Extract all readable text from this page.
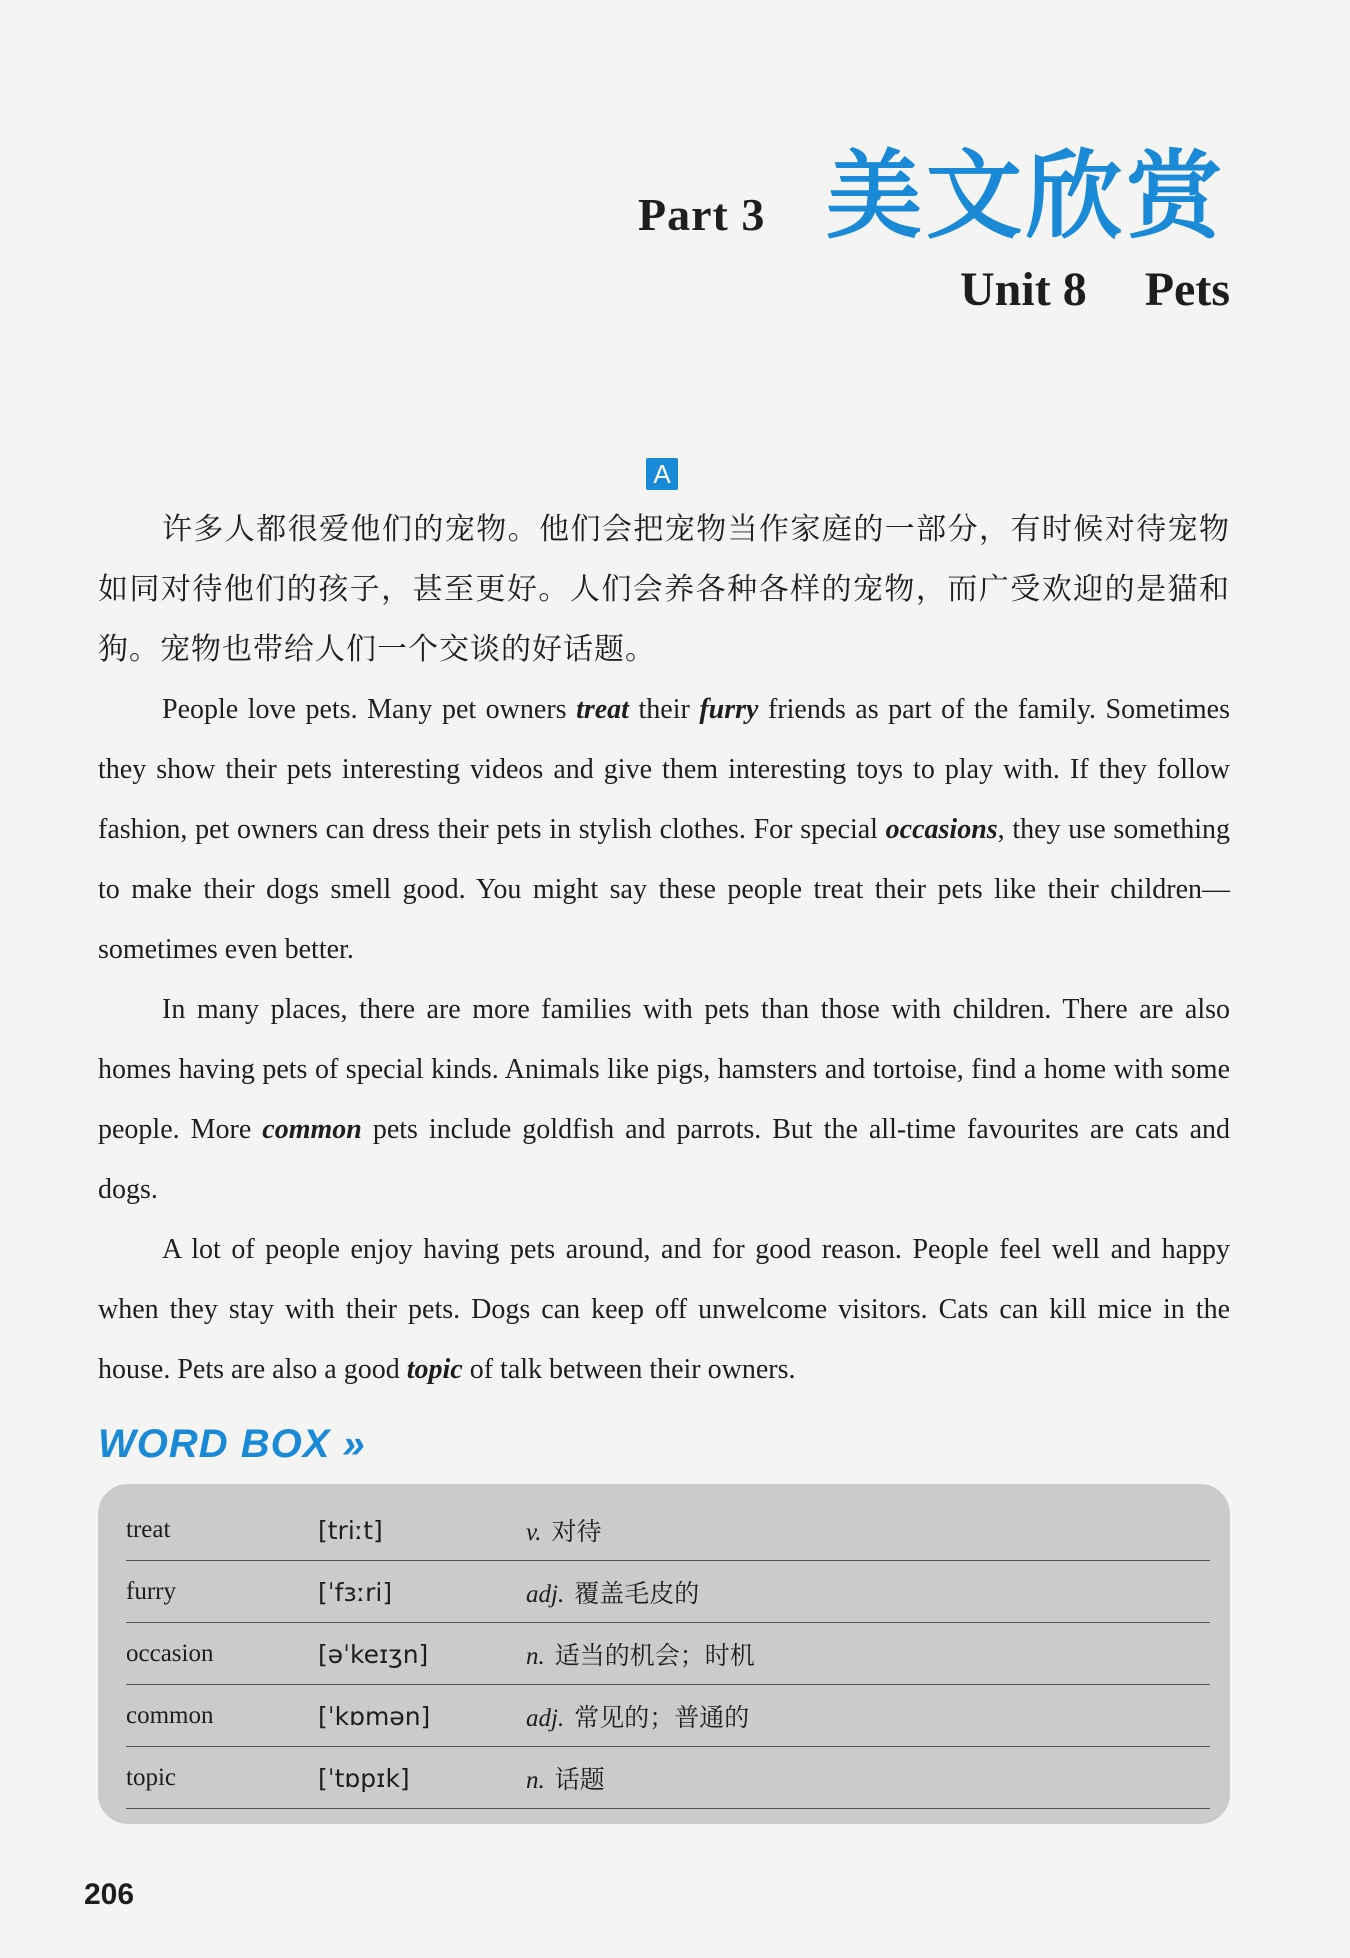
Part 3 美文欣赏
Unit 8 Pets
A

许多人都很爱他们的宠物。他们会把宠物当作家庭的一部分，有时候对待宠物如同对待他们的孩子，甚至更好。人们会养各种各样的宠物，而广受欢迎的是猫和狗。宠物也带给人们一个交谈的好话题。

People love pets. Many pet owners treat their furry friends as part of the family. Sometimes they show their pets interesting videos and give them interesting toys to play with. If they follow fashion, pet owners can dress their pets in stylish clothes. For special occasions, they use something to make their dogs smell good. You might say these people treat their pets like their children—sometimes even better.

In many places, there are more families with pets than those with children. There are also homes having pets of special kinds. Animals like pigs, hamsters and tortoise, find a home with some people. More common pets include goldfish and parrots. But the all-time favourites are cats and dogs.

A lot of people enjoy having pets around, and for good reason. People feel well and happy when they stay with their pets. Dogs can keep off unwelcome visitors. Cats can kill mice in the house. Pets are also a good topic of talk between their owners.

WORD BOX »
treat	[triːt]	v. 对待
furry	[ˈfɜːri]	adj. 覆盖毛皮的
occasion	[əˈkeɪʒn]	n. 适当的机会；时机
common	[ˈkɒmən]	adj. 常见的；普通的
topic	[ˈtɒpɪk]	n. 话题
206
